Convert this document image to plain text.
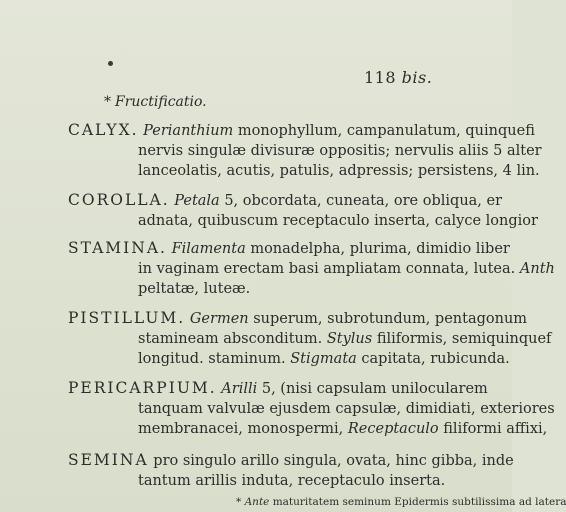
118 bis.
* Fructificatio.
CALYX. Perianthium monophyllum, campanulatum, quinquefi
nervis singulæ divisuræ oppositis; nervulis aliis 5 alter
lanceolatis, acutis, patulis, adpressis; persistens, 4 lin.
COROLLA. Petala 5, obcordata, cuneata, ore obliqua, er
adnata, quibuscum receptaculo inserta, calyce longior
STAMINA. Filamenta monadelpha, plurima, dimidio liber
in vaginam erectam basi ampliatam connata, lutea. Anth
peltatæ, luteæ.
PISTILLUM. Germen superum, subrotundum, pentagonum
stamineam absconditum. Stylus filiformis, semiquinquef
longitud. staminum. Stigmata capitata, rubicunda.
PERICARPIUM. Arilli 5, (nisi capsulam unilocularem
tanquam valvulæ ejusdem capsulæ, dimidiati, exteriores
membranacei, monospermi, Receptaculo filiformi affixi,
SEMINA pro singulo arillo singula, ovata, hinc gibba, inde
tantum arillis induta, receptaculo inserta.
* Ante maturitatem seminum Epidermis subtilissima ad latera
